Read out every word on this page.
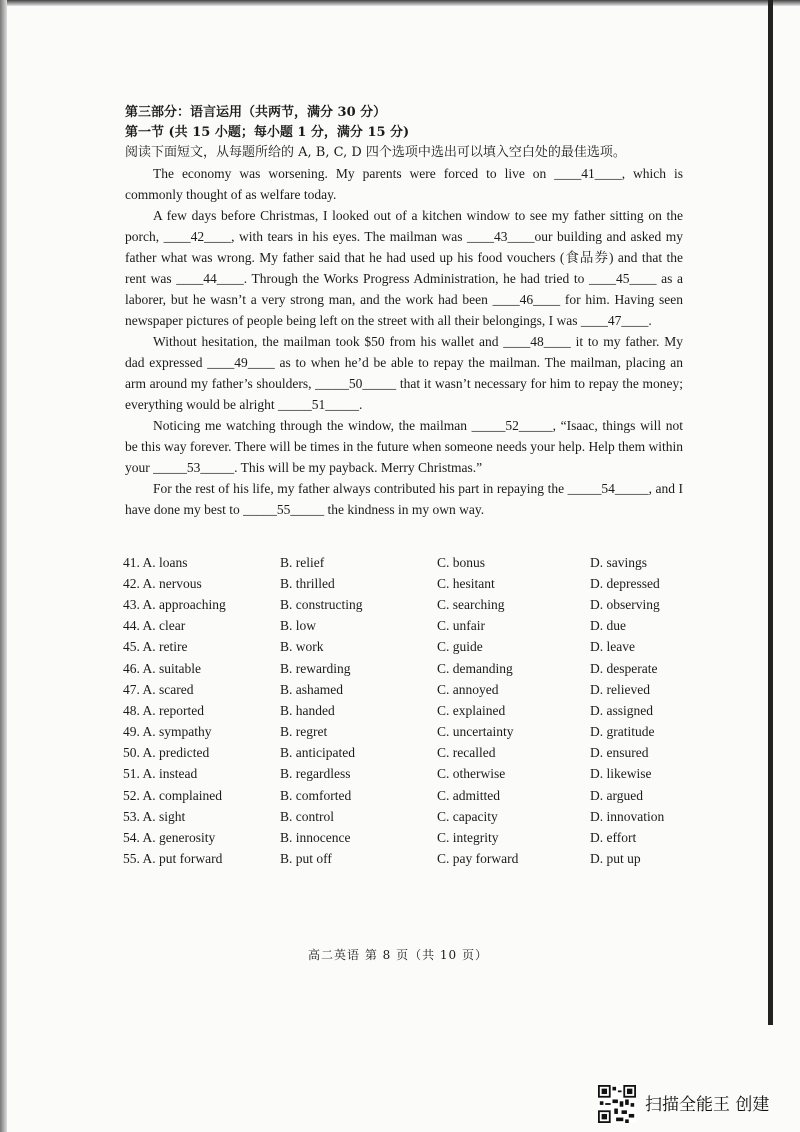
第三部分：语言运用（共两节，满分 30 分）

第一节 (共 15 小题；每小题 1 分，满分 15 分)

阅读下面短文，从每题所给的 A, B, C, D 四个选项中选出可以填入空白处的最佳选项。

The economy was worsening. My parents were forced to live on ____41____, which is commonly thought of as welfare today.

A few days before Christmas, I looked out of a kitchen window to see my father sitting on the porch, ____42____, with tears in his eyes. The mailman was ____43____our building and asked my father what was wrong. My father said that he had used up his food vouchers (食品券) and that the rent was ____44____. Through the Works Progress Administration, he had tried to ____45____ as a laborer, but he wasn’t a very strong man, and the work had been ____46____ for him. Having seen newspaper pictures of people being left on the street with all their belongings, I was ____47____.

Without hesitation, the mailman took $50 from his wallet and ____48____ it to my father. My dad expressed ____49____ as to when he’d be able to repay the mailman. The mailman, placing an arm around my father’s shoulders, _____50_____ that it wasn’t necessary for him to repay the money; everything would be alright _____51_____.

Noticing me watching through the window, the mailman _____52_____, “Isaac, things will not be this way forever. There will be times in the future when someone needs your help. Help them within your _____53_____. This will be my payback. Merry Christmas.”

For the rest of his life, my father always contributed his part in repaying the _____54_____, and I have done my best to _____55_____ the kindness in my own way.

41. A. loans	B. relief	C. bonus	D. savings
42. A. nervous	B. thrilled	C. hesitant	D. depressed
43. A. approaching	B. constructing	C. searching	D. observing
44. A. clear	B. low	C. unfair	D. due
45. A. retire	B. work	C. guide	D. leave
46. A. suitable	B. rewarding	C. demanding	D. desperate
47. A. scared	B. ashamed	C. annoyed	D. relieved
48. A. reported	B. handed	C. explained	D. assigned
49. A. sympathy	B. regret	C. uncertainty	D. gratitude
50. A. predicted	B. anticipated	C. recalled	D. ensured
51. A. instead	B. regardless	C. otherwise	D. likewise
52. A. complained	B. comforted	C. admitted	D. argued
53. A. sight	B. control	C. capacity	D. innovation
54. A. generosity	B. innocence	C. integrity	D. effort
55. A. put forward	B. put off	C. pay forward	D. put up
高二英语 第 8 页（共 10 页）
扫描全能王 创建
